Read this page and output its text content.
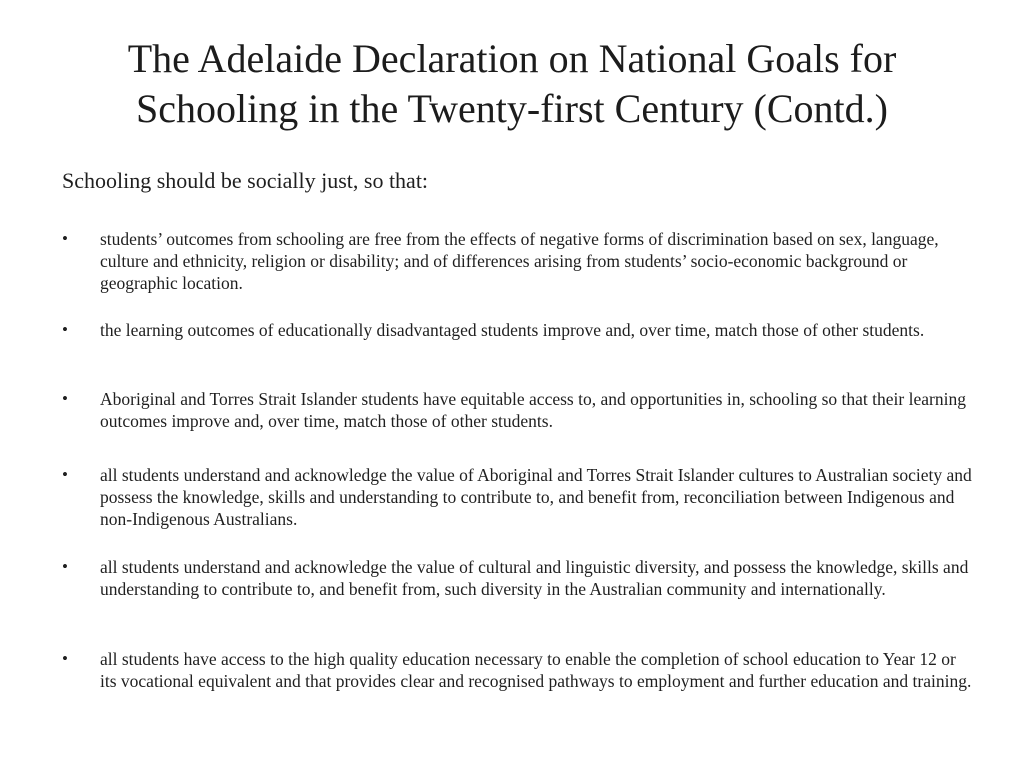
The Adelaide Declaration on National Goals for
Schooling in the Twenty-first Century (Contd.)

Schooling should be socially just, so that:

•	students’ outcomes from schooling are free from the effects of negative forms of discrimination based on sex, language, culture and ethnicity, religion or disability; and of differences arising from students’ socio-economic background or geographic location.
•	the learning outcomes of educationally disadvantaged students improve and, over time, match those of other students.
•	Aboriginal and Torres Strait Islander students have equitable access to, and opportunities in, schooling so that their learning outcomes improve and, over time, match those of other students.
•	all students understand and acknowledge the value of Aboriginal and Torres Strait Islander cultures to Australian society and possess the knowledge, skills and understanding to contribute to, and benefit from, reconciliation between Indigenous and non-Indigenous Australians.
•	all students understand and acknowledge the value of cultural and linguistic diversity, and possess the knowledge, skills and understanding to contribute to, and benefit from, such diversity in the Australian community and internationally.
•	all students have access to the high quality education necessary to enable the completion of school education to Year 12 or its vocational equivalent and that provides clear and recognised pathways to employment and further education and training.
